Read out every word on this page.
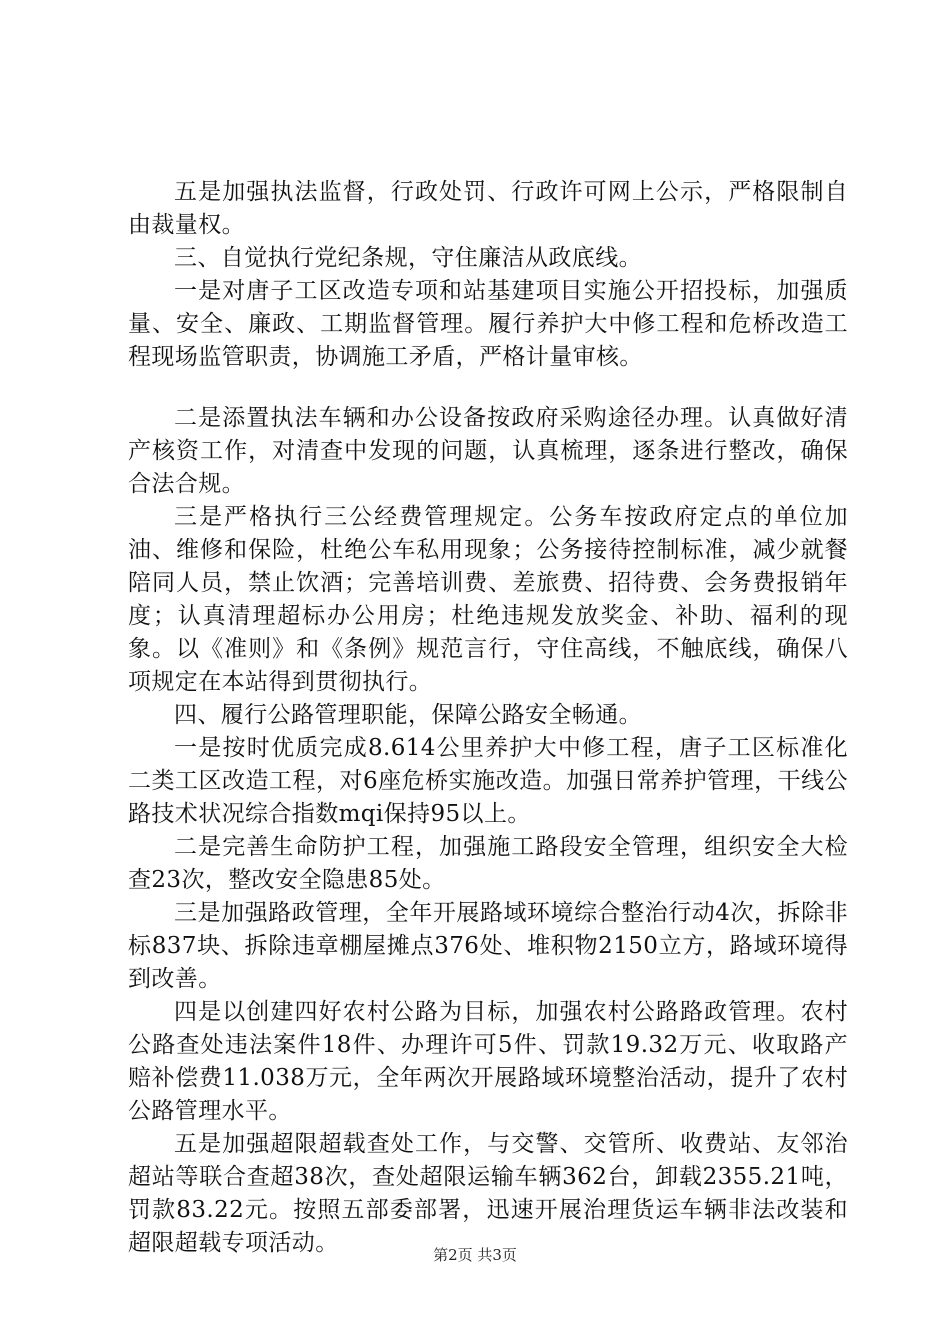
五是加强执法监督，行政处罚、行政许可网上公示，严格限制自由裁量权。

三、自觉执行党纪条规，守住廉洁从政底线。

一是对唐子工区改造专项和站基建项目实施公开招投标，加强质量、安全、廉政、工期监督管理。履行养护大中修工程和危桥改造工程现场监管职责，协调施工矛盾，严格计量审核。

二是添置执法车辆和办公设备按政府采购途径办理。认真做好清产核资工作，对清查中发现的问题，认真梳理，逐条进行整改，确保合法合规。

三是严格执行三公经费管理规定。公务车按政府定点的单位加油、维修和保险，杜绝公车私用现象；公务接待控制标准，减少就餐陪同人员，禁止饮酒；完善培训费、差旅费、招待费、会务费报销年度；认真清理超标办公用房；杜绝违规发放奖金、补助、福利的现象。以《准则》和《条例》规范言行，守住高线，不触底线，确保八项规定在本站得到贯彻执行。

四、履行公路管理职能，保障公路安全畅通。

一是按时优质完成8.614公里养护大中修工程，唐子工区标准化二类工区改造工程，对6座危桥实施改造。加强日常养护管理，干线公路技术状况综合指数mqi保持95以上。

二是完善生命防护工程，加强施工路段安全管理，组织安全大检查23次，整改安全隐患85处。

三是加强路政管理，全年开展路域环境综合整治行动4次，拆除非标837块、拆除违章棚屋摊点376处、堆积物2150立方，路域环境得到改善。

四是以创建四好农村公路为目标，加强农村公路路政管理。农村公路查处违法案件18件、办理许可5件、罚款19.32万元、收取路产赔补偿费11.038万元，全年两次开展路域环境整治活动，提升了农村公路管理水平。

五是加强超限超载查处工作，与交警、交管所、收费站、友邻治超站等联合查超38次，查处超限运输车辆362台，卸载2355.21吨，罚款83.22元。按照五部委部署，迅速开展治理货运车辆非法改装和超限超载专项活动。	第2页 共3页
